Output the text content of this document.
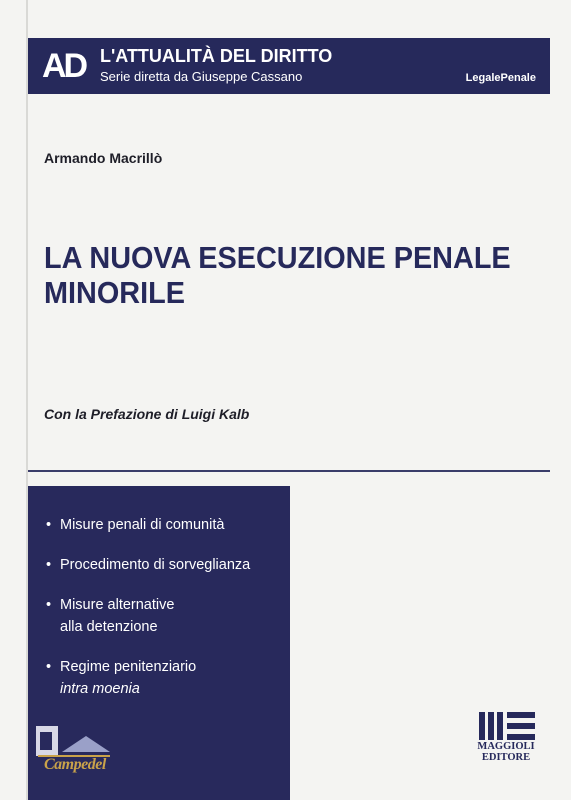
AD L'ATTUALITÀ DEL DIRITTO
Serie diretta da Giuseppe Cassano	LegalePenale
Armando Macrillò
LA NUOVA ESECUZIONE PENALE
MINORILE
Con la Prefazione di Luigi Kalb
• Misure penali di comunità
• Procedimento di sorveglianza
• Misure alternative
alla detenzione
• Regime penitenziario
intra moenia
Campedel
MAGGIOLI
EDITORE
